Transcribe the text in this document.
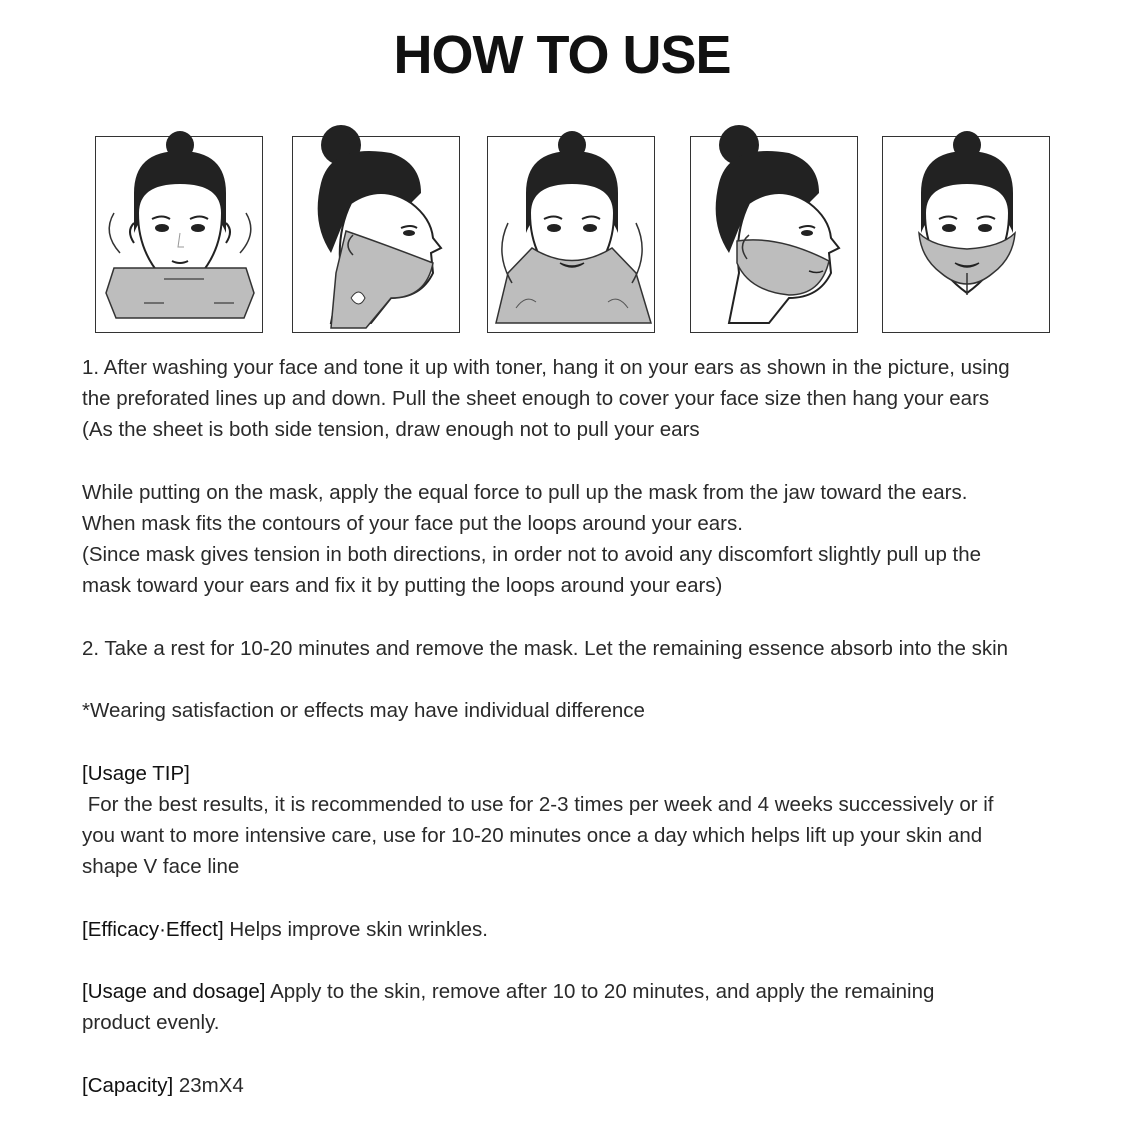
HOW TO USE

1. After washing your face and tone it up with toner, hang it on your ears as shown in the picture, using

the preforated lines up and down. Pull the sheet enough to cover your face size then hang your ears

(As the sheet is both side tension, draw enough not to pull your ears

While putting on the mask, apply the equal force to pull up the mask from the jaw toward the ears.

When mask fits the contours of your face put the loops around your ears.

(Since mask gives tension in both directions, in order not to avoid any discomfort slightly pull up the

mask toward your ears and fix it by putting the loops around your ears)

2. Take a rest for 10-20 minutes and remove the mask. Let the remaining essence absorb into the skin

*Wearing satisfaction or effects may have individual difference

[Usage TIP]

For the best results, it is recommended to use for 2-3 times per week and 4 weeks successively or if

you want to more intensive care, use for 10-20 minutes once a day which helps lift up your skin and

shape V face line

[Efficacy·Effect] Helps improve skin wrinkles.

[Usage and dosage] Apply to the skin, remove after 10 to 20 minutes, and apply the remaining

product evenly.

[Capacity] 23mX4
